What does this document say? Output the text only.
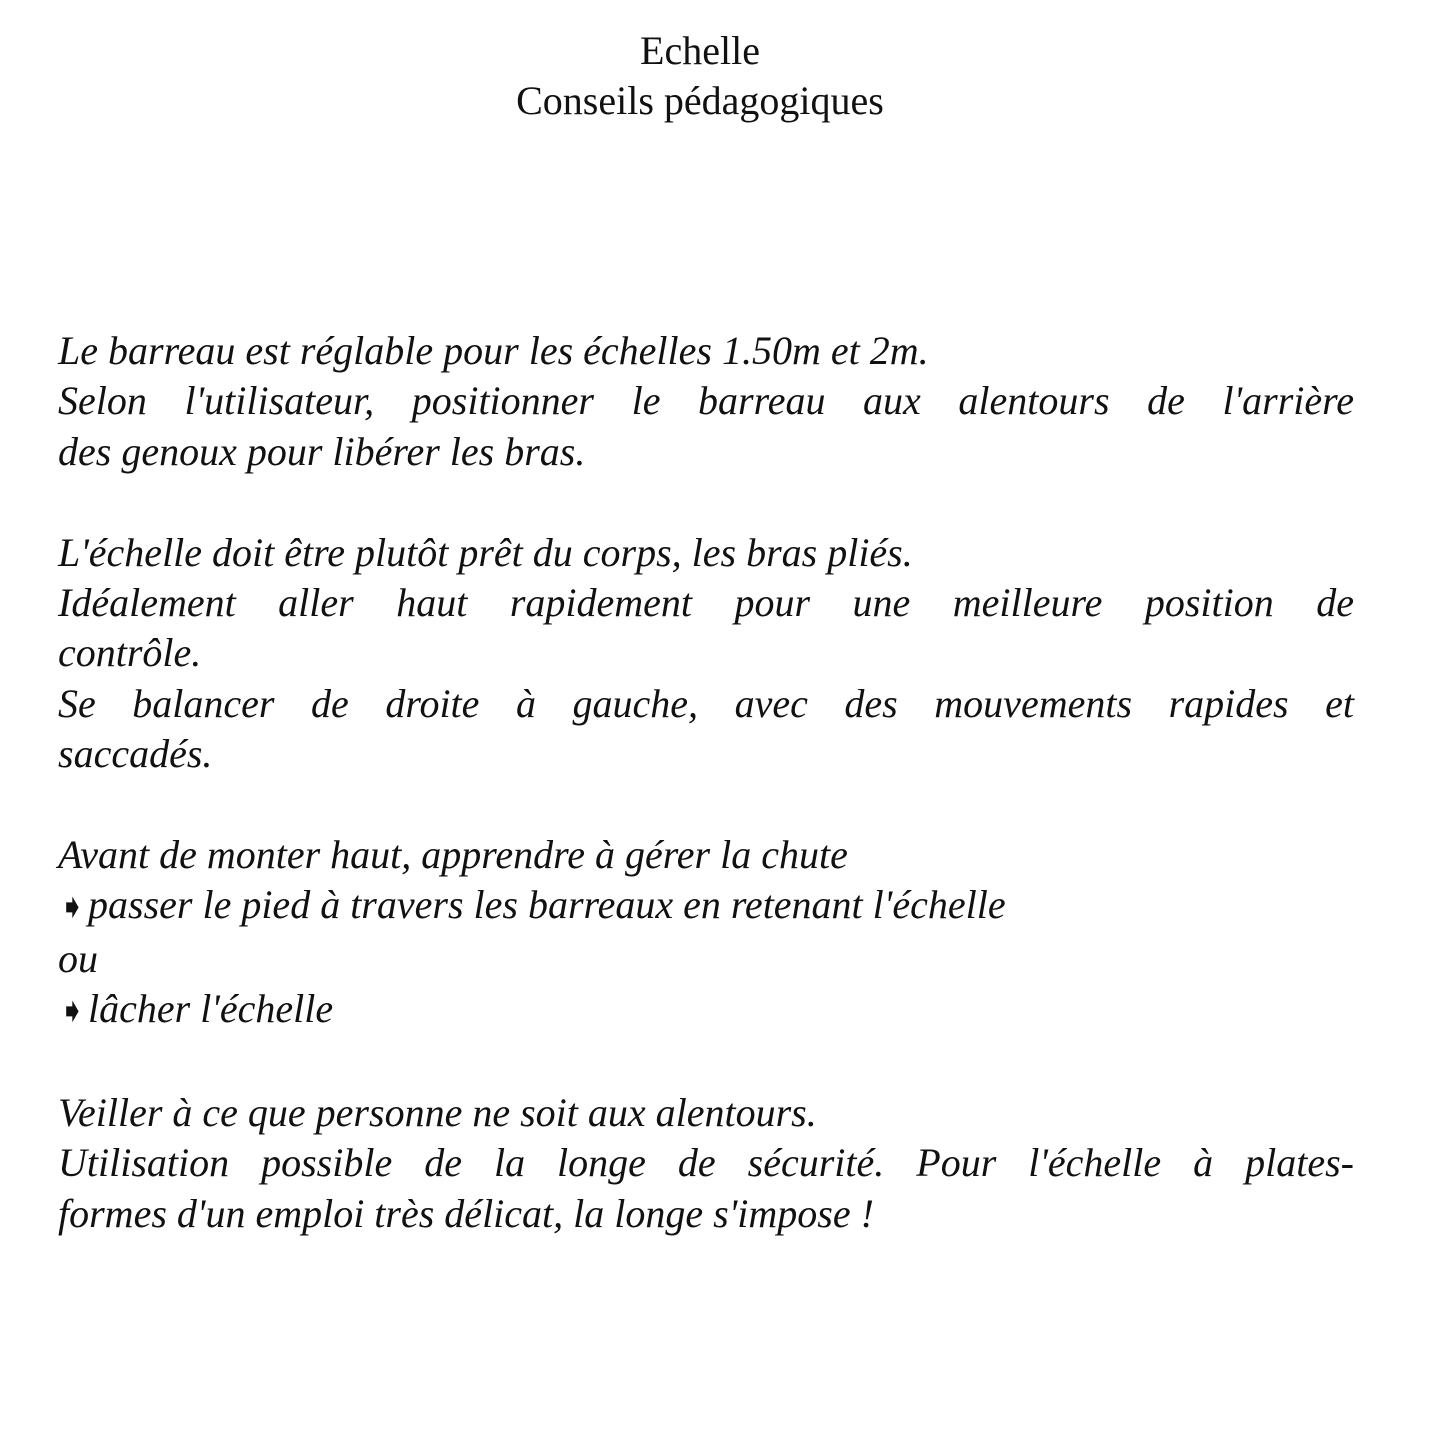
Echelle
Conseils pédagogiques
Le barreau est réglable pour les échelles 1.50m et 2m.
Selon l'utilisateur, positionner le barreau aux alentours de l'arrière
des genoux pour libérer les bras.
L'échelle doit être plutôt prêt du corps, les bras pliés.
Idéalement aller haut rapidement pour une meilleure position de
contrôle.
Se balancer de droite à gauche, avec des mouvements rapides et
saccadés.
Avant de monter haut, apprendre à gérer la chute
➧passer le pied à travers les barreaux en retenant l'échelle
ou
➧lâcher l'échelle
Veiller à ce que personne ne soit aux alentours.
Utilisation possible de la longe de sécurité. Pour l'échelle à plates-
formes d'un emploi très délicat, la longe s'impose !
